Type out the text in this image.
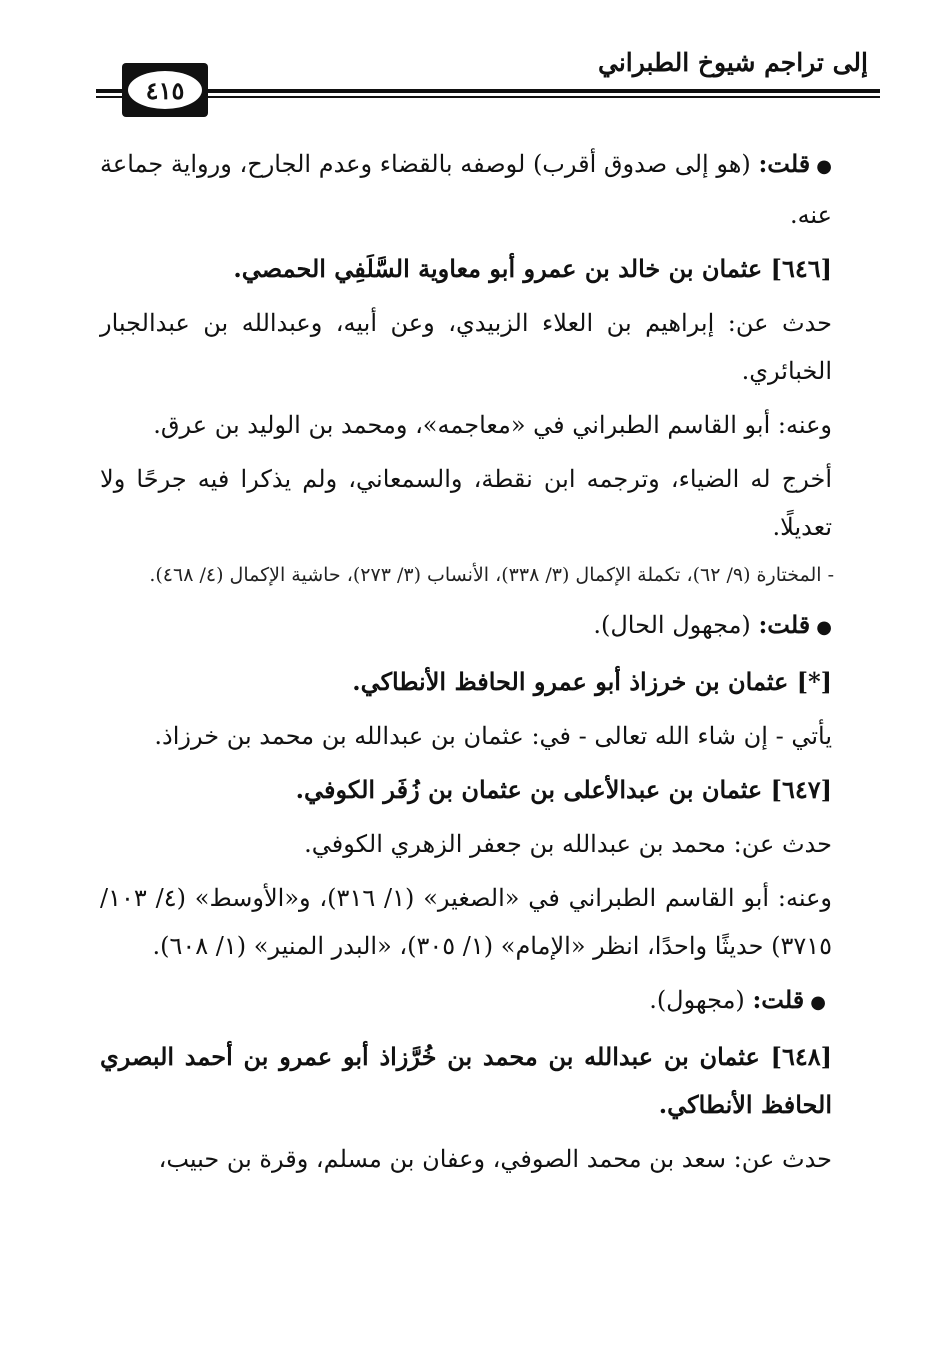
إلى تراجم شيوخ الطبراني
٤١٥

●قلت: (هو إلى صدوق أقرب) لوصفه بالقضاء وعدم الجارح، ورواية جماعة عنه.

[٦٤٦] عثمان بن خالد بن عمرو أبو معاوية السَّلَفِي الحمصي.

حدث عن: إبراهيم بن العلاء الزبيدي، وعن أبيه، وعبدالله بن عبدالجبار الخبائري.

وعنه: أبو القاسم الطبراني في «معاجمه»، ومحمد بن الوليد بن عرق.

أخرج له الضياء، وترجمه ابن نقطة، والسمعاني، ولم يذكرا فيه جرحًا ولا تعديلًا.

- المختارة (٩/ ٦٢)، تكملة الإكمال (٣/ ٣٣٨)، الأنساب (٣/ ٢٧٣)، حاشية الإكمال (٤/ ٤٦٨).

●قلت: (مجهول الحال).

[*] عثمان بن خرزاذ أبو عمرو الحافظ الأنطاكي.

يأتي - إن شاء الله تعالى - في: عثمان بن عبدالله بن محمد بن خرزاذ.

[٦٤٧] عثمان بن عبدالأعلى بن عثمان بن زُفَر الكوفي.

حدث عن: محمد بن عبدالله بن جعفر الزهري الكوفي.

وعنه: أبو القاسم الطبراني في «الصغير» (١/ ٣١٦)، و«الأوسط» (٤/ ١٠٣/ ٣٧١٥) حديثًا واحدًا، انظر «الإمام» (١/ ٣٠٥)، «البدر المنير» (١/ ٦٠٨).

●قلت: (مجهول).

[٦٤٨] عثمان بن عبدالله بن محمد بن خُرَّزاذ أبو عمرو بن أحمد البصري الحافظ الأنطاكي.

حدث عن: سعد بن محمد الصوفي، وعفان بن مسلم، وقرة بن حبيب،
